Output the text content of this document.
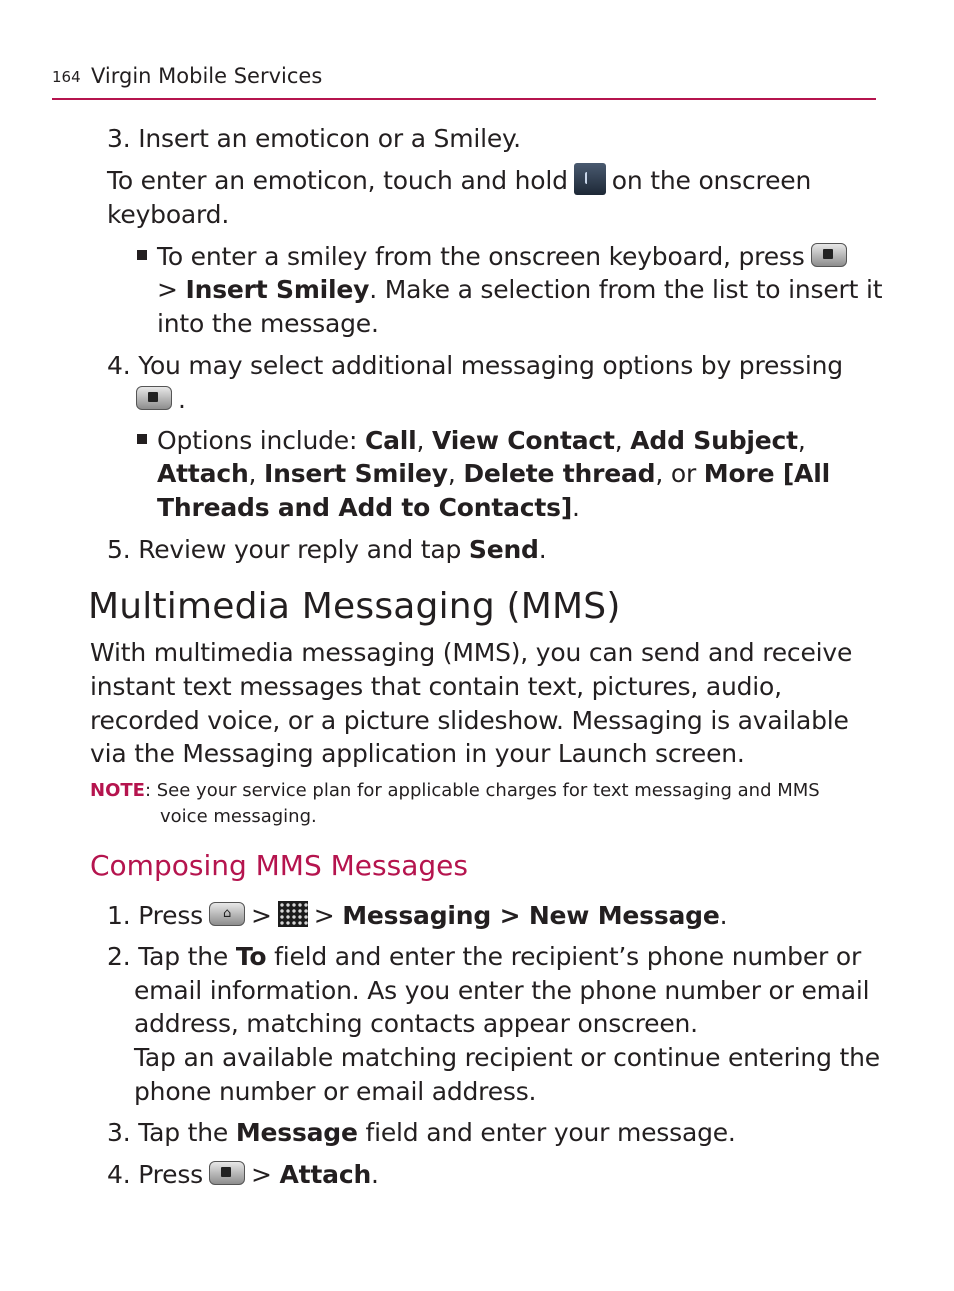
164 Virgin Mobile Services
3. Insert an emoticon or a Smiley.
To enter an emoticon, touch and hold on the onscreen
keyboard.
To enter a smiley from the onscreen keyboard, press
> Insert Smiley. Make a selection from the list to insert it
into the message.
4. You may select additional messaging options by pressing
.
Options include: Call, View Contact, Add Subject,
Attach, Insert Smiley, Delete thread, or More [All
Threads and Add to Contacts].
5. Review your reply and tap Send.
Multimedia Messaging (MMS)
With multimedia messaging (MMS), you can send and receive
instant text messages that contain text, pictures, audio,
recorded voice, or a picture slideshow. Messaging is available
via the Messaging application in your Launch screen.
NOTE: See your service plan for applicable charges for text messaging and MMS
voice messaging.
Composing MMS Messages
1. Press ⌂ > > Messaging > New Message.
2. Tap the To field and enter the recipient’s phone number or
email information. As you enter the phone number or email
address, matching contacts appear onscreen.
Tap an available matching recipient or continue entering the
phone number or email address.
3. Tap the Message field and enter your message.
4. Press > Attach.
